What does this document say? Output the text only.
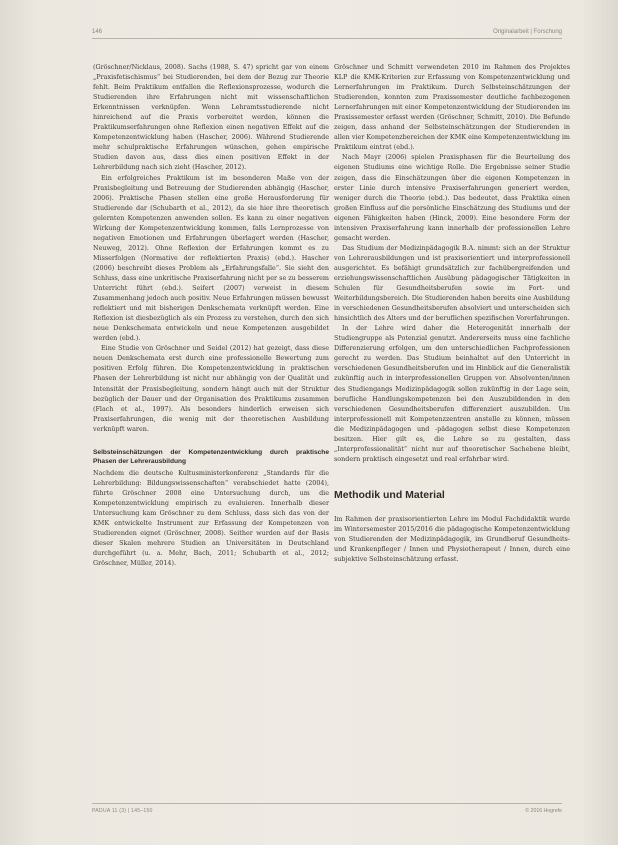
146	Originalarbeit | Forschung

(Gröschner/Nicklaus, 2008). Sachs (1988, S. 47) spricht gar von einem „Praxisfetischismus“ bei Studierenden, bei dem der Bezug zur Theorie fehlt. Beim Praktikum entfallen die Reflexionsprozesse, wodurch die Studierenden ihre Erfahrungen nicht mit wissenschaftlichen Erkenntnissen verknüpfen. Wenn Lehramtsstudierende nicht hinreichend auf die Praxis vorbereitet werden, können die Praktikumserfahrungen ohne Reflexion einen negativen Effekt auf die Kompetenzentwicklung haben (Hascher, 2006). Während Studierende mehr schulpraktische Erfahrungen wünschen, gehen empirische Studien davon aus, dass dies einen positiven Effekt in der Lehrerbildung nach sich zieht (Hascher, 2012).

Ein erfolgreiches Praktikum ist im besonderen Maße von der Praxisbegleitung und Betreuung der Studierenden abhängig (Hascher, 2006). Praktische Phasen stellen eine große Herausforderung für Studierende dar (Schubarth et al., 2012), da sie hier ihre theoretisch gelernten Kompetenzen anwenden sollen. Es kann zu einer negativen Wirkung der Kompetenzentwicklung kommen, falls Lernprozesse von negativen Emotionen und Erfahrungen überlagert werden (Hascher, Neuweg, 2012). Ohne Reflexion der Erfahrungen kommt es zu Misserfolgen (Normative der reflektierten Praxis) (ebd.). Hascher (2006) beschreibt dieses Problem als „Erfahrungsfalle“. Sie sieht den Schluss, dass eine unkritische Praxiserfahrung nicht per se zu besserem Unterricht führt (ebd.). Seifert (2007) verweist in diesem Zusammenhang jedoch auch positiv. Neue Erfahrungen müssen bewusst reflektiert und mit bisherigen Denkschemata verknüpft werden. Eine Reflexion ist diesbezüglich als ein Prozess zu verstehen, durch den sich neue Denkschemata entwickeln und neue Kompetenzen ausgebildet werden (ebd.).

Eine Studie von Gröschner und Seidel (2012) hat gezeigt, dass diese neuen Denkschemata erst durch eine professionelle Bewertung zum positiven Erfolg führen. Die Kompetenzentwicklung in praktischen Phasen der Lehrerbildung ist nicht nur abhängig von der Qualität und Intensität der Praxisbegleitung, sondern hängt auch mit der Struktur bezüglich der Dauer und der Organisation des Praktikums zusammen (Flach et al., 1997). Als besonders hinderlich erweisen sich Praxiserfahrungen, die wenig mit der theoretischen Ausbildung verknüpft waren.

Selbsteinschätzungen der Kompetenzentwicklung durch praktische Phasen der Lehrerausbildung

Nachdem die deutsche Kultusministerkonferenz „Standards für die Lehrerbildung: Bildungswissenschaften“ verabschiedet hatte (2004), führte Gröschner 2008 eine Untersuchung durch, um die Kompetenzentwicklung empirisch zu evaluieren. Innerhalb dieser Untersuchung kam Gröschner zu dem Schluss, dass sich das von der KMK entwickelte Instrument zur Erfassung der Kompetenzen von Studierenden eignet (Gröschner, 2008). Seither wurden auf der Basis dieser Skalen mehrere Studien an Universitäten in Deutschland durchgeführt (u. a. Mehr, Bach, 2011; Schubarth et al., 2012; Gröschner, Müller, 2014).

Gröschner und Schmitt verwendeten 2010 im Rahmen des Projektes KLP die KMK-Kriterien zur Erfassung von Kompetenzentwicklung und Lernerfahrungen im Praktikum. Durch Selbsteinschätzungen der Studierenden, konnten zum Praxissemester deutliche fachbezogenen Lernerfahrungen mit einer Kompetenzentwicklung der Studierenden im Praxissemester erfasst werden (Gröschner, Schmitt, 2010). Die Befunde zeigen, dass anhand der Selbsteinschätzungen der Studierenden in allen vier Kompetenzbereichen der KMK eine Kompetenzentwicklung im Praktikum eintrat (ebd.).

Nach Mayr (2006) spielen Praxisphasen für die Beurteilung des eigenen Studiums eine wichtige Rolle. Die Ergebnisse seiner Studie zeigen, dass die Einschätzungen über die eigenen Kompetenzen in erster Linie durch intensive Praxiserfahrungen generiert werden, weniger durch die Theorie (ebd.). Das bedeutet, dass Praktika einen großen Einfluss auf die persönliche Einschätzung des Studiums und der eigenen Fähigkeiten haben (Hinck, 2009). Eine besondere Form der intensiven Praxiserfahrung kann innerhalb der professionellen Lehre gemacht werden.

Das Studium der Medizinpädagogik B.A. nimmt: sich an der Struktur von Lehrerausbildungen und ist praxisorientiert und interprofessionell ausgerichtet. Es befähigt grundsätzlich zur fachübergreifenden und erziehungswissenschaftlichen Ausübung pädagogischer Tätigkeiten in Schulen für Gesundheitsberufen sowie im Fort- und Weiterbildungsbereich. Die Studierenden haben bereits eine Ausbildung in verschiedenen Gesundheitsberufen absolviert und unterscheiden sich hinsichtlich des Alters und der beruflichen spezifischen Vorerfahrungen.

In der Lehre wird daher die Heterogenität innerhalb der Studiengruppe als Potenzial genutzt. Andererseits muss eine fachliche Differenzierung erfolgen, um den unterschiedlichen Fachprofessionen gerecht zu werden. Das Studium beinhaltet auf den Unterricht in verschiedenen Gesundheitsberufen und im Hinblick auf die Generalistik zukünftig auch in interprofessionellen Gruppen vor. Absolventen/innen des Studiengangs Medizinpädagogik sollen zukünftig in der Lage sein, berufliche Handlungskompetenzen bei den Auszubildenden in den verschiedenen Gesundheitsberufen differenziert auszubilden. Um interprofessionell mit Kompetenzzentren anstelle zu können, müssen die Medizinpädagogen und -pädagogen selbst diese Kompetenzen besitzen. Hier gilt es, die Lehre so zu gestalten, dass „Interprofessionalität“ nicht nur auf theoretischer Sachebene bleibt, sondern praktisch eingesetzt und real erfahrbar wird.

Methodik und Material

Im Rahmen der praxisorientierten Lehre im Modul Fachdidaktik wurde im Wintersemester 2015/2016 die pädagogische Kompetenzentwicklung von Studierenden der Medizinpädagogik, im Grundberuf Gesundheits- und Krankenpfleger / Innen und Physiotherapeut / Innen, durch eine subjektive Selbsteinschätzung erfasst.

PADUA 11 (3) | 145–150	© 2016 Hogrefe
